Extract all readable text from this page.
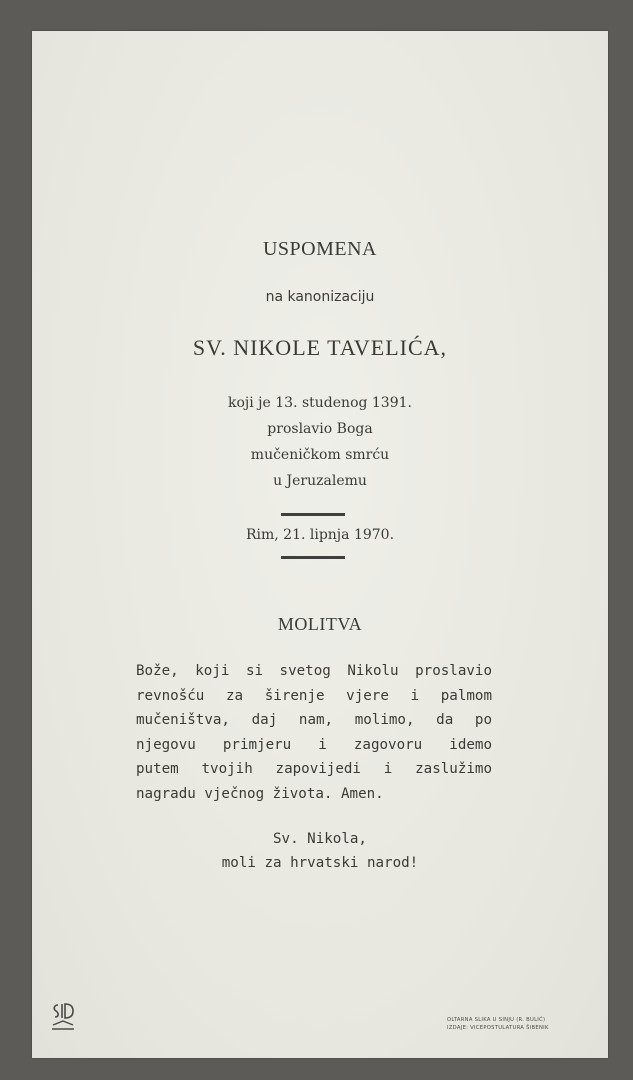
USPOMENA
na kanonizaciju
SV. NIKOLE TAVELIĆA,
koji je 13. studenog 1391.
proslavio Boga
mučeničkom smrću
u Jeruzalemu
Rim, 21. lipnja 1970.
MOLITVA
Bože, koji si svetog Nikolu proslavio
revnošću za širenje vjere i palmom
mučeništva, daj nam, molimo, da po
njegovu primjeru i zagovoru idemo
putem tvojih zapovijedi i zaslužimo
nagradu vječnog života. Amen.
Sv. Nikola,
moli za hrvatski narod!
OLTARNA SLIKA U SINJU (R. BULIĆ)
IZDAJE: VICEPOSTULATURA ŠIBENIK
